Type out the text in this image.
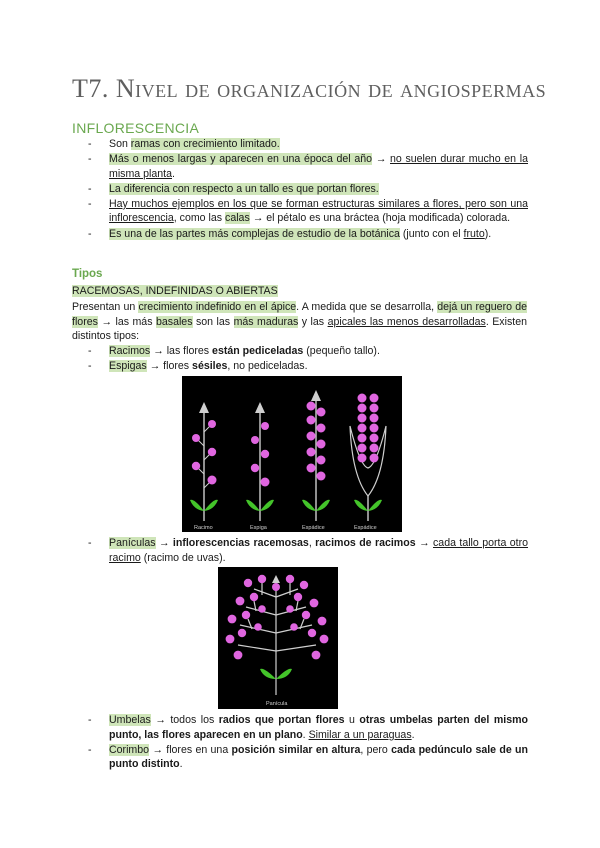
T7. Nivel de organización de angiospermas
INFLORESCENCIA
- Son ramas con crecimiento limitado.
- Más o menos largas y aparecen en una época del año → no suelen durar mucho en la misma planta.
- La diferencia con respecto a un tallo es que portan flores.
- Hay muchos ejemplos en los que se forman estructuras similares a flores, pero son una inflorescencia, como las calas → el pétalo es una bráctea (hoja modificada) colorada.
- Es una de las partes más complejas de estudio de la botánica (junto con el fruto).
Tipos
RACEMOSAS, INDEFINIDAS O ABIERTAS
Presentan un crecimiento indefinido en el ápice. A medida que se desarrolla, dejá un reguero de flores → las más basales son las más maduras y las apicales las menos desarrolladas. Existen distintos tipos:
- Racimos → las flores están pediceladas (pequeño tallo).
- Espigas → flores sésiles, no pediceladas.
Racimo	Espiga	Espádice	Espádice
- Panículas → inflorescencias racemosas, racimos de racimos → cada tallo porta otro racimo (racimo de uvas).
Panícula
- Umbelas → todos los radios que portan flores u otras umbelas parten del mismo punto, las flores aparecen en un plano. Similar a un paraguas.
- Corimbo → flores en una posición similar en altura, pero cada pedúnculo sale de un punto distinto.
